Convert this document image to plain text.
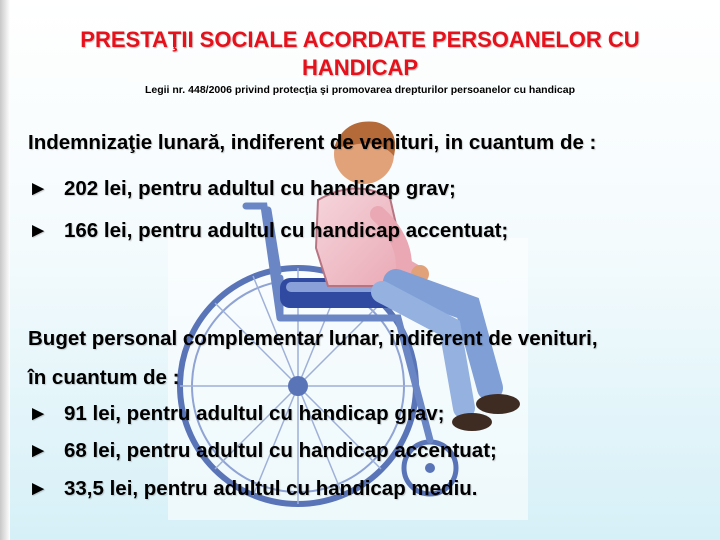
PRESTAŢII SOCIALE ACORDATE PERSOANELOR CU HANDICAP

Legii nr. 448/2006 privind protecţia şi promovarea drepturilor persoanelor cu handicap

Indemnizaţie lunară, indiferent de venituri, in cuantum de :
► 202 lei, pentru adultul cu handicap grav;
► 166 lei, pentru adultul cu handicap accentuat;
Buget personal complementar lunar, indiferent de venituri,
în cuantum de :
► 91 lei, pentru adultul cu handicap grav;
► 68 lei, pentru adultul cu handicap accentuat;
► 33,5 lei, pentru adultul cu handicap mediu.
